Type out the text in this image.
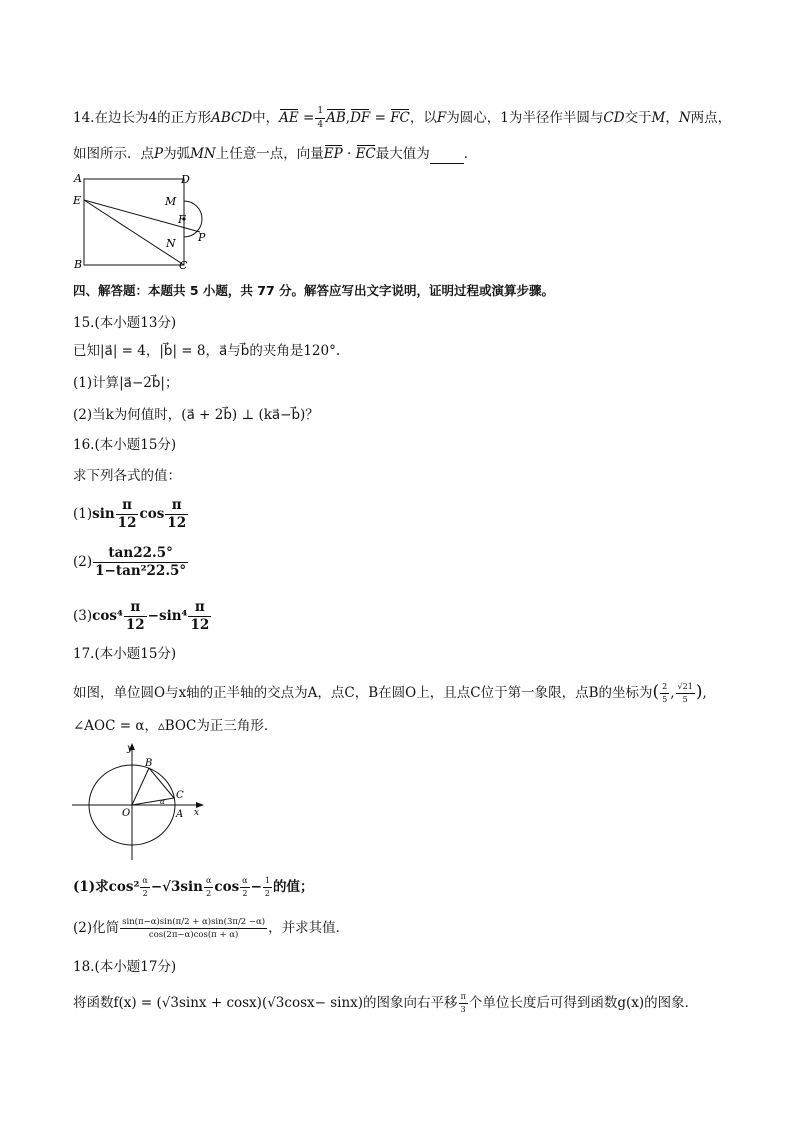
14.在边长为4的正方形ABCD中，AE = $\frac{1}{4} AB,DF$ = FC，以F为圆心，1为半径作半圆与CD交于M，N两点，
如图所示．点P为弧MN上任意一点，向量EP · EC最大值为	．
A	D
E	M
F
N P
B	C
四、解答题：本题共 5 小题，共 77 分。解答应写出文字说明，证明过程或演算步骤。
15.(本小题13分)
已知|a⃗| = 4，|b⃗| = 8，a⃗与b⃗的夹角是120°.
(1)计算|a⃗−2b⃗|；
(2)当k为何值时，(a⃗ + 2b⃗) ⊥ (ka⃗−b⃗)？
16.(本小题15分)
求下列各式的值：
$(1)\sin \frac{\pi}{12}$ $\cos \frac{\pi}{12}$
$(2) \frac{\tan 22.5^\circ}{\text{1−tan²22.5°}}$
$(3)\cos^4 \frac{\pi}{12} -\sin^4 \frac{\pi}{12}$
17.(本小题15分)
如图，单位圆O与x轴的正半轴的交点为A，点C，B在圆O上，且点C位于第一象限，点B的坐标为( $\frac{2}{5}$ , $\frac{√21}{5}$ ),
∠AOC = α，▵BOC为正三角形．
y
B
C
O	A x
α
(1)求$\cos^2 \frac{\alpha}{2} -√3\sin \frac{\alpha}{2}$ $\cos \frac{\alpha}{2} - \frac{1}{2}$ 的值；
(2)化简 $\frac{\sin(\pi-\alpha)\sin(\pi/2 + \alpha)\sin(3\pi/2 -\alpha)}{\cos(2\pi-\alpha)\cos(\pi + \alpha)}$ ，并求其值．
18.(本小题17分)
将函数f(x) = (√3sinx + cosx)(√3cosx− sinx)的图象向右平移 $\frac{\pi}{3}$ 个单位长度后可得到函数g(x)的图象．
